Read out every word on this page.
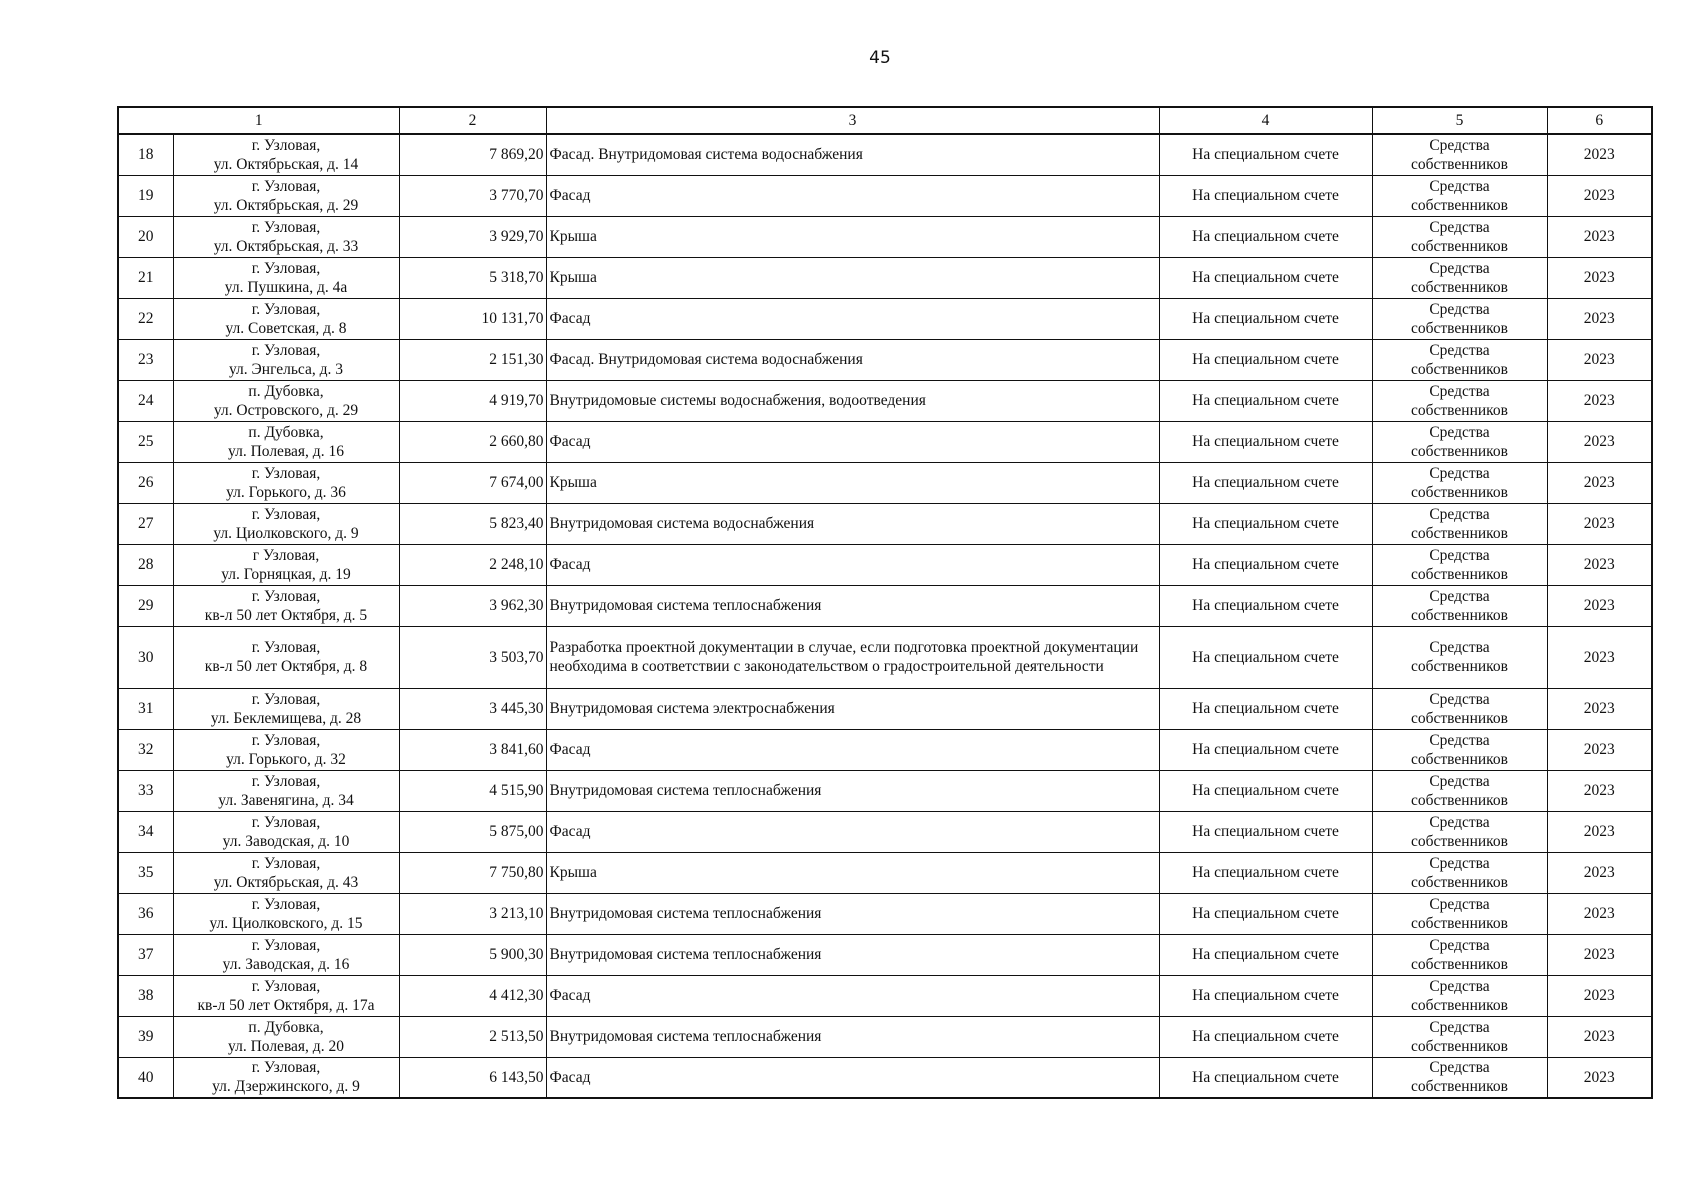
45
1		2	3	4	5	6
18	г. Узловая,
ул. Октябрьская, д. 14	7 869,20	Фасад. Внутридомовая система водоснабжения	На специальном счете	Средства
собственников	2023
19	г. Узловая,
ул. Октябрьская, д. 29	3 770,70	Фасад	На специальном счете	Средства
собственников	2023
20	г. Узловая,
ул. Октябрьская, д. 33	3 929,70	Крыша	На специальном счете	Средства
собственников	2023
21	г. Узловая,
ул. Пушкина, д. 4а	5 318,70	Крыша	На специальном счете	Средства
собственников	2023
22	г. Узловая,
ул. Советская, д. 8	10 131,70	Фасад	На специальном счете	Средства
собственников	2023
23	г. Узловая,
ул. Энгельса, д. 3	2 151,30	Фасад. Внутридомовая система водоснабжения	На специальном счете	Средства
собственников	2023
24	п. Дубовка,
ул. Островского, д. 29	4 919,70	Внутридомовые системы водоснабжения, водоотведения	На специальном счете	Средства
собственников	2023
25	п. Дубовка,
ул. Полевая, д. 16	2 660,80	Фасад	На специальном счете	Средства
собственников	2023
26	г. Узловая,
ул. Горького, д. 36	7 674,00	Крыша	На специальном счете	Средства
собственников	2023
27	г. Узловая,
ул. Циолковского, д. 9	5 823,40	Внутридомовая система водоснабжения	На специальном счете	Средства
собственников	2023
28	г Узловая,
ул. Горняцкая, д. 19	2 248,10	Фасад	На специальном счете	Средства
собственников	2023
29	г. Узловая,
кв-л 50 лет Октября, д. 5	3 962,30	Внутридомовая система теплоснабжения	На специальном счете	Средства
собственников	2023
30	г. Узловая,
кв-л 50 лет Октября, д. 8	3 503,70	Разработка проектной документации в случае, если подготовка проектной документации необходима в соответствии с законодательством о градостроительной деятельности	На специальном счете	Средства
собственников	2023
31	г. Узловая,
ул. Беклемищева, д. 28	3 445,30	Внутридомовая система электроснабжения	На специальном счете	Средства
собственников	2023
32	г. Узловая,
ул. Горького, д. 32	3 841,60	Фасад	На специальном счете	Средства
собственников	2023
33	г. Узловая,
ул. Завенягина, д. 34	4 515,90	Внутридомовая система теплоснабжения	На специальном счете	Средства
собственников	2023
34	г. Узловая,
ул. Заводская, д. 10	5 875,00	Фасад	На специальном счете	Средства
собственников	2023
35	г. Узловая,
ул. Октябрьская, д. 43	7 750,80	Крыша	На специальном счете	Средства
собственников	2023
36	г. Узловая,
ул. Циолковского, д. 15	3 213,10	Внутридомовая система теплоснабжения	На специальном счете	Средства
собственников	2023
37	г. Узловая,
ул. Заводская, д. 16	5 900,30	Внутридомовая система теплоснабжения	На специальном счете	Средства
собственников	2023
38	г. Узловая,
кв-л 50 лет Октября, д. 17а	4 412,30	Фасад	На специальном счете	Средства
собственников	2023
39	п. Дубовка,
ул. Полевая, д. 20	2 513,50	Внутридомовая система теплоснабжения	На специальном счете	Средства
собственников	2023
40	г. Узловая,
ул. Дзержинского, д. 9	6 143,50	Фасад	На специальном счете	Средства
собственников	2023
